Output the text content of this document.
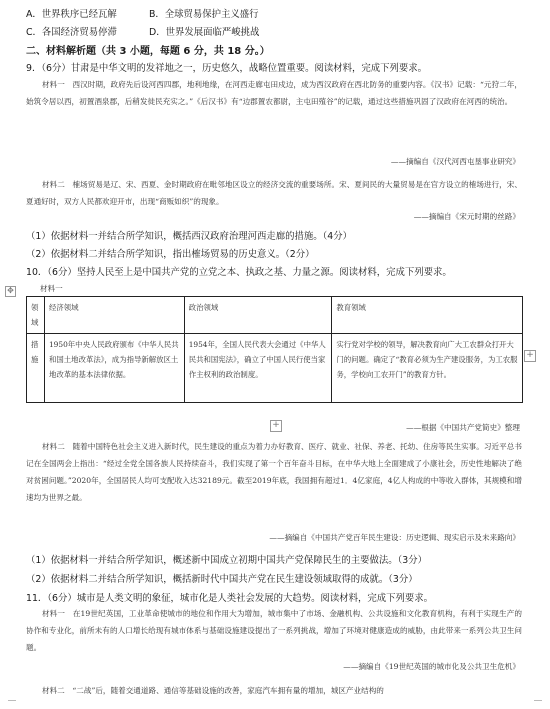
A．世界秩序已经瓦解	B．全球贸易保护主义盛行
C．各国经济贸易停滞	D．世界发展面临严峻挑战
二、材料解析题（共 3 小题，每题 6 分，共 18 分。）
9．（6分）甘肃是中华文明的发祥地之一，历史悠久，战略位置重要。阅读材料，完成下列要求。
材料一　西汉时期，政府先后设河西四郡，地利地缘，在河西走廊屯田戍边，成为西汉政府在西北防务的重要内容。《汉书》记载：“元狩二年，始筑令居以西，初置酒泉郡，后稍发徙民充实之。”《后汉书》有“边郡置农都尉，主屯田殖谷”的记载，通过这些措施巩固了汉政府在河西的统治。
——摘编自《汉代河西屯垦事业研究》
材料二　榷场贸易是辽、宋、西夏、金时期政府在毗邻地区设立的经济交流的重要场所。宋、夏间民的大量贸易是在官方设立的榷场进行，宋、夏通好时，双方人民都欢迎开市，出现“商贩如织”的现象。
——摘编自《宋元时期的丝路》
（1）依据材料一并结合所学知识，概括西汉政府治理河西走廊的措施。（4分）
（2）依据材料二并结合所学知识，指出榷场贸易的历史意义。（2分）
10．（6分）坚持人民至上是中国共产党的立党之本、执政之基、力量之源。阅读材料，完成下列要求。
✥	材料一
领域	经济领域	政治领域	教育领域
措施	1950年中央人民政府颁布《中华人民共和国土地改革法》，成为指导新解放区土地改革的基本法律依据。	1954年，全国人民代表大会通过《中华人民共和国宪法》，确立了中国人民行使当家作主权利的政治制度。	实行党对学校的领导，解决教育向广大工农群众打开大门的问题。确定了“教育必须为生产建设服务，为工农服务，学校向工农开门”的教育方针。
+
+	——根据《中国共产党简史》整理
材料二　随着中国特色社会主义进入新时代，民生建设的重点为着力办好教育、医疗、就业、社保、养老、托幼、住房等民生实事。习近平总书记在全国两会上指出：“经过全党全国各族人民持续奋斗，我们实现了第一个百年奋斗目标，在中华大地上全面建成了小康社会，历史性地解决了绝对贫困问题。”2020年，全国居民人均可支配收入达32189元。截至2019年底，我国拥有超过1．4亿家庭，4亿人构成的中等收入群体，其规模和增速均为世界之最。
——摘编自《中国共产党百年民生建设：历史逻辑、现实启示及未来路向》
（1）依据材料一并结合所学知识，概述新中国成立初期中国共产党保障民生的主要做法。（3分）
（2）依据材料二并结合所学知识，概括新时代中国共产党在民生建设领域取得的成就。（3分）
11．（6分）城市是人类文明的象征，城市化是人类社会发展的大趋势。阅读材料，完成下列要求。
材料一　在19世纪英国，工业革命使城市的地位和作用大为增加，城市集中了市场、金融机构、公共设施和文化教育机构，有利于实现生产的协作和专业化，前所未有的人口增长给现有城市体系与基础设施建设提出了一系列挑战，增加了环境对健康造成的威胁，由此带来一系列公共卫生问题。
——摘编自《19世纪英国的城市化及公共卫生危机》
材料二　“二战”后，随着交通道路、通信等基础设施的改善，家庭汽车拥有量的增加，城区产业结构的
